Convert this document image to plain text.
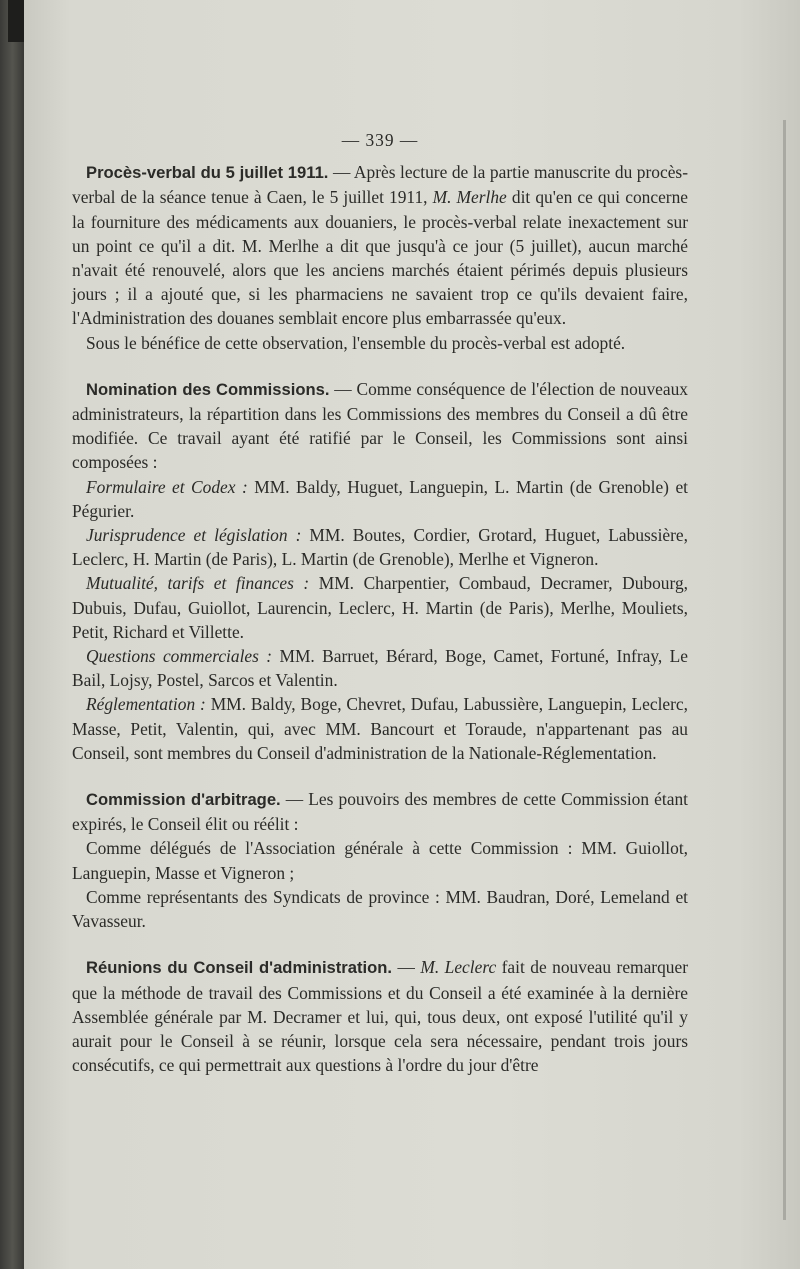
— 339 —

Procès-verbal du 5 juillet 1911. — Après lecture de la partie manuscrite du procès-verbal de la séance tenue à Caen, le 5 juillet 1911, M. Merlhe dit qu'en ce qui concerne la fourniture des médicaments aux douaniers, le procès-verbal relate inexactement sur un point ce qu'il a dit. M. Merlhe a dit que jusqu'à ce jour (5 juillet), aucun marché n'avait été renouvelé, alors que les anciens marchés étaient périmés depuis plusieurs jours ; il a ajouté que, si les pharmaciens ne savaient trop ce qu'ils devaient faire, l'Administration des douanes semblait encore plus embarrassée qu'eux.

Sous le bénéfice de cette observation, l'ensemble du procès-verbal est adopté.

Nomination des Commissions. — Comme conséquence de l'élection de nouveaux administrateurs, la répartition dans les Commissions des membres du Conseil a dû être modifiée. Ce travail ayant été ratifié par le Conseil, les Commissions sont ainsi composées :

Formulaire et Codex : MM. Baldy, Huguet, Languepin, L. Martin (de Grenoble) et Pégurier.

Jurisprudence et législation : MM. Boutes, Cordier, Grotard, Huguet, Labussière, Leclerc, H. Martin (de Paris), L. Martin (de Grenoble), Merlhe et Vigneron.

Mutualité, tarifs et finances : MM. Charpentier, Combaud, Decramer, Dubourg, Dubuis, Dufau, Guiollot, Laurencin, Leclerc, H. Martin (de Paris), Merlhe, Mouliets, Petit, Richard et Villette.

Questions commerciales : MM. Barruet, Bérard, Boge, Camet, Fortuné, Infray, Le Bail, Lojsy, Postel, Sarcos et Valentin.

Réglementation : MM. Baldy, Boge, Chevret, Dufau, Labussière, Languepin, Leclerc, Masse, Petit, Valentin, qui, avec MM. Bancourt et Toraude, n'appartenant pas au Conseil, sont membres du Conseil d'administration de la Nationale-Réglementation.

Commission d'arbitrage. — Les pouvoirs des membres de cette Commission étant expirés, le Conseil élit ou réélit :

Comme délégués de l'Association générale à cette Commission : MM. Guiollot, Languepin, Masse et Vigneron ;

Comme représentants des Syndicats de province : MM. Baudran, Doré, Lemeland et Vavasseur.

Réunions du Conseil d'administration. — M. Leclerc fait de nouveau remarquer que la méthode de travail des Commissions et du Conseil a été examinée à la dernière Assemblée générale par M. Decramer et lui, qui, tous deux, ont exposé l'utilité qu'il y aurait pour le Conseil à se réunir, lorsque cela sera nécessaire, pendant trois jours consécutifs, ce qui permettrait aux questions à l'ordre du jour d'être
